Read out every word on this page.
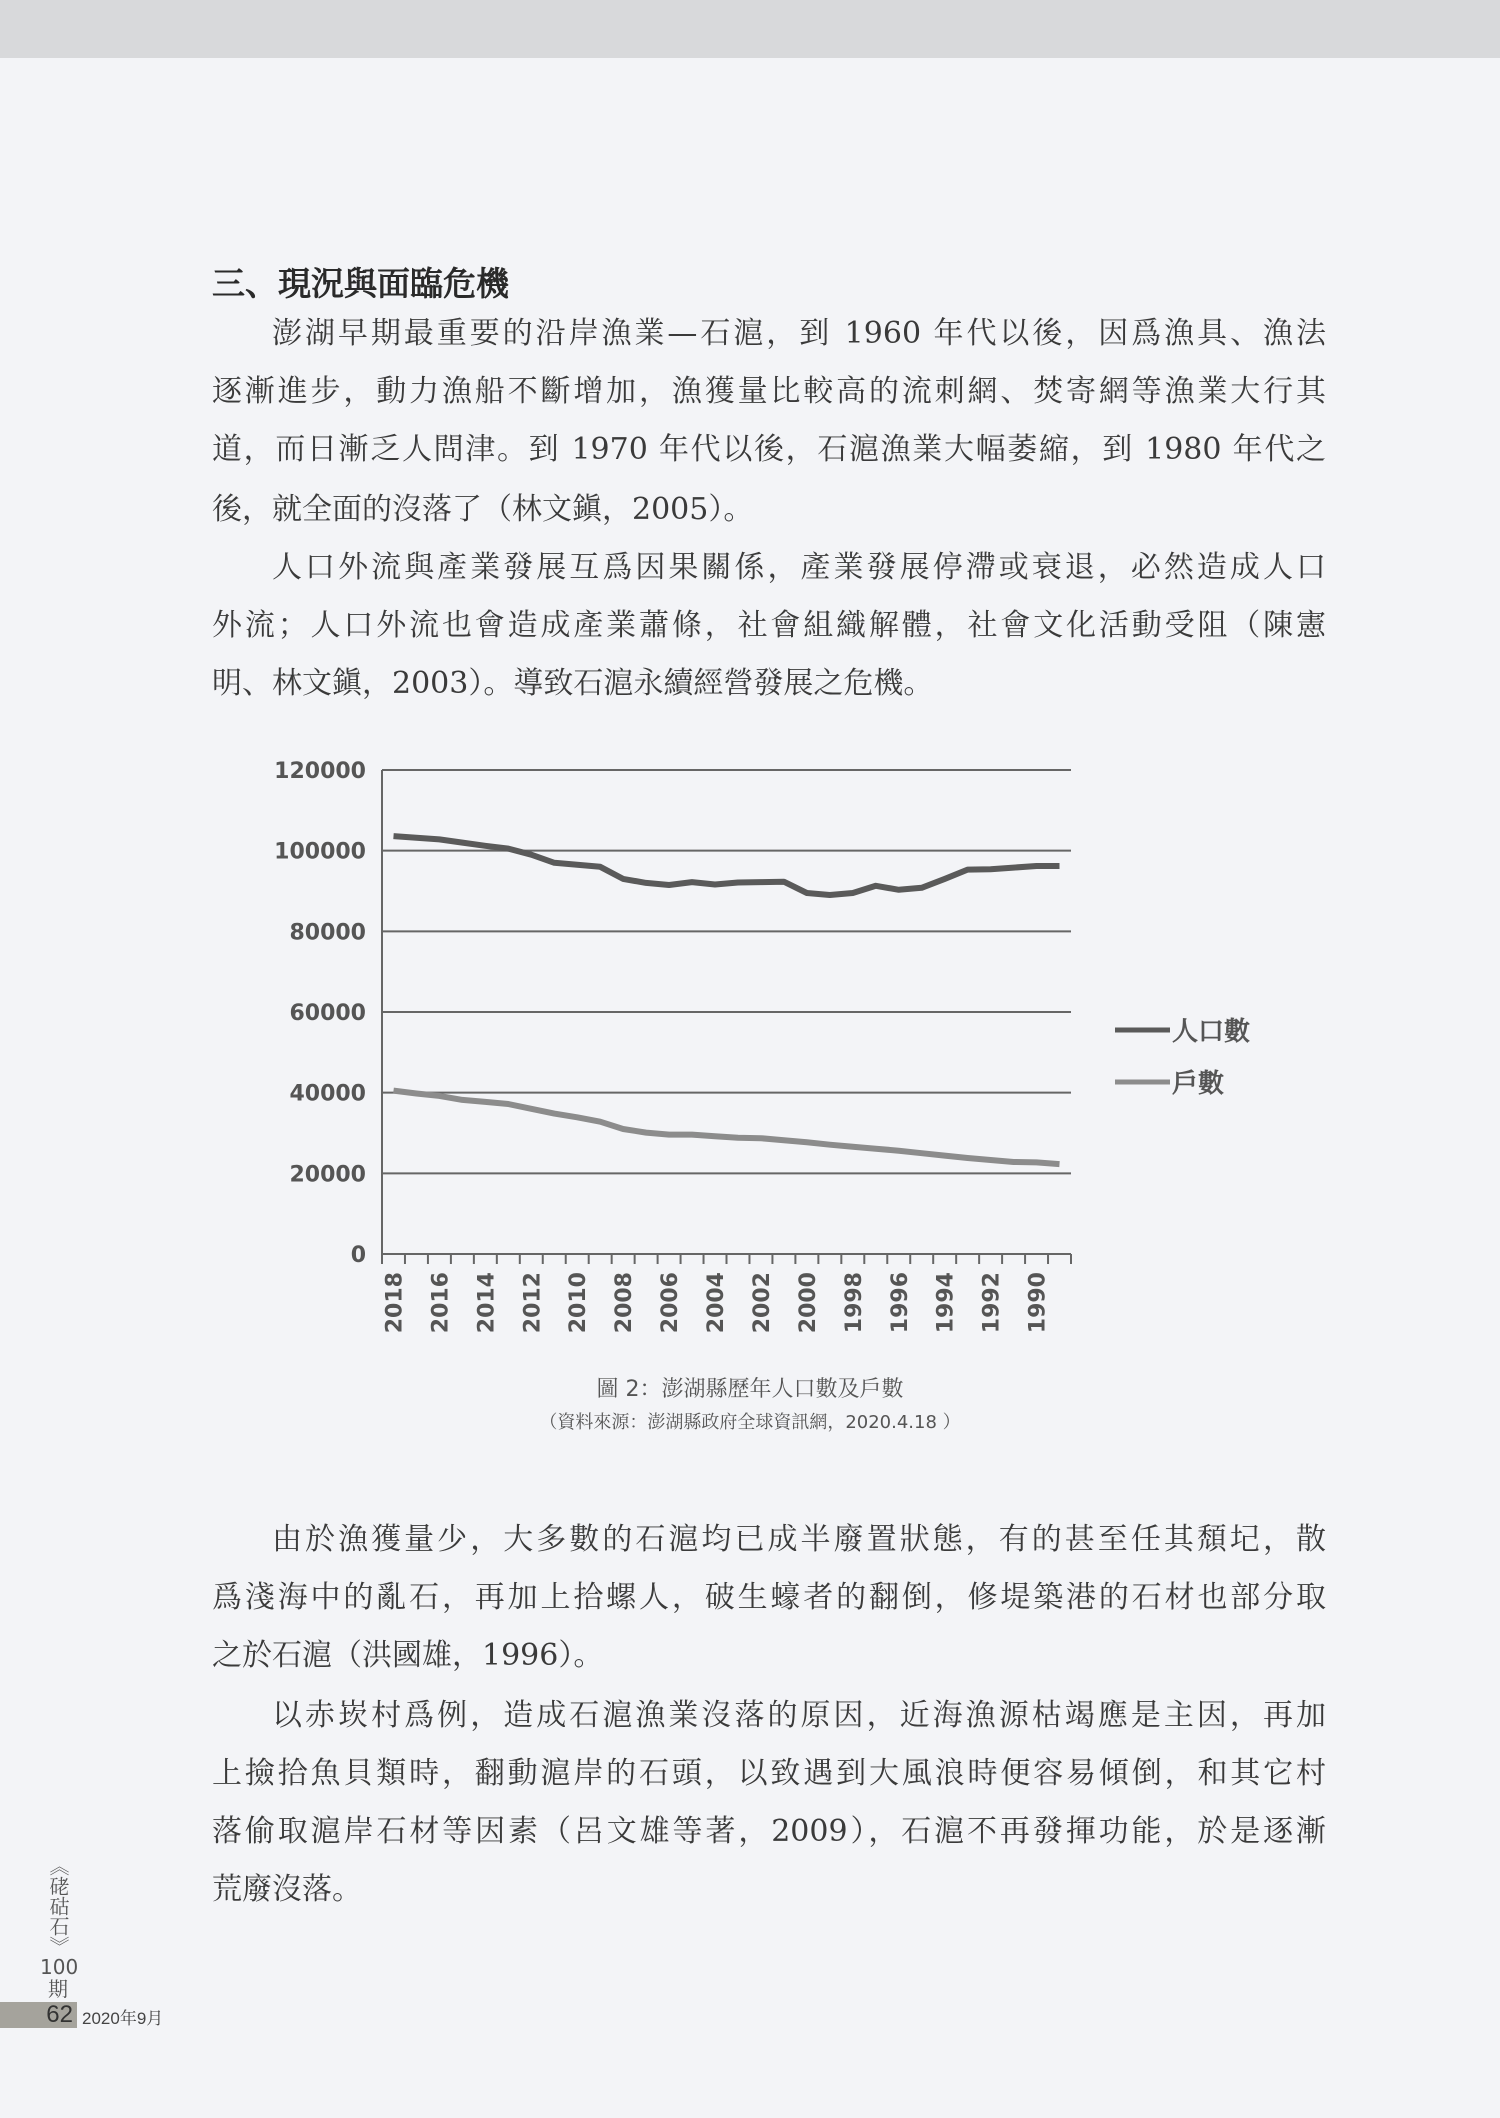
三、現況與面臨危機
澎湖早期最重要的沿岸漁業—石滬，到 1960 年代以後，因爲漁具、漁法
逐漸進步，動力漁船不斷增加，漁獲量比較高的流刺網、焚寄網等漁業大行其
道，而日漸乏人問津。到 1970 年代以後，石滬漁業大幅萎縮，到 1980 年代之
後，就全面的沒落了（林文鎭，2005）。
人口外流與產業發展互爲因果關係，產業發展停滯或衰退，必然造成人口
外流；人口外流也會造成產業蕭條，社會組織解體，社會文化活動受阻（陳憲
明、林文鎭，2003）。導致石滬永續經營發展之危機。
0
20000
40000
60000
80000
100000
120000
2018 2016 2014 2012 2010 2008 2006 2004 2002 2000 1998 1996 1994 1992 1990
人口數
戶數
圖 2：澎湖縣歷年人口數及戶數
（資料來源：澎湖縣政府全球資訊網，2020.4.18 ）
由於漁獲量少，大多數的石滬均已成半廢置狀態，有的甚至任其頹圮，散
爲淺海中的亂石，再加上拾螺人，破生蠔者的翻倒，修堤築港的石材也部分取
之於石滬（洪國雄，1996）。
以赤崁村爲例，造成石滬漁業沒落的原因，近海漁源枯竭應是主因，再加
上撿拾魚貝類時，翻動滬岸的石頭，以致遇到大風浪時便容易傾倒，和其它村
落偷取滬岸石材等因素（呂文雄等著，2009），石滬不再發揮功能，於是逐漸
荒廢沒落。
《硓𥑮石》
100
期
62 2020年9月
